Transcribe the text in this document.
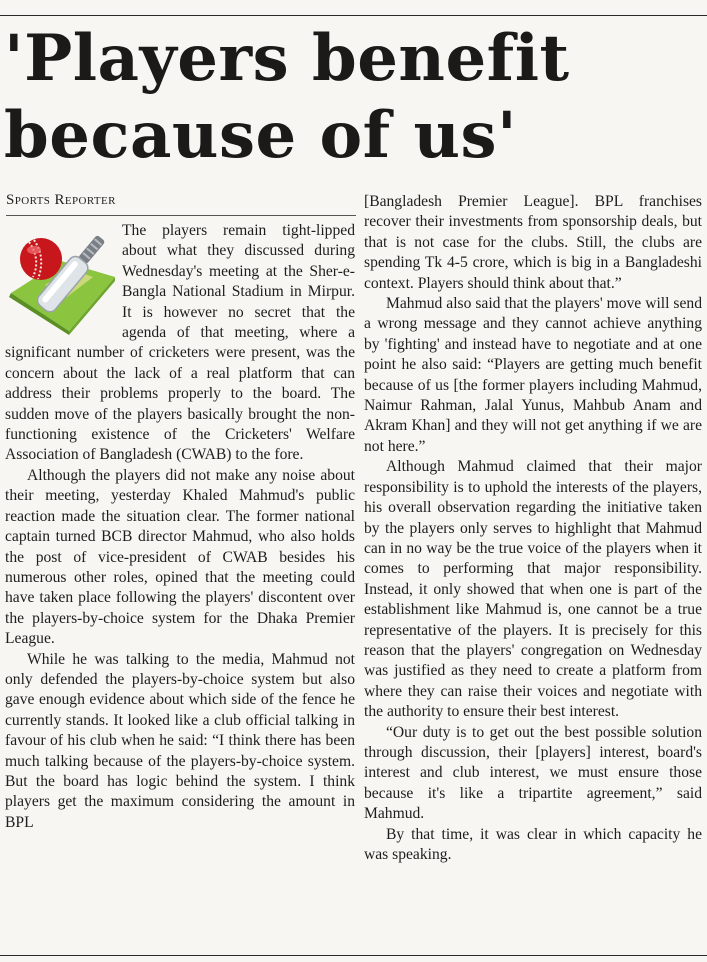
'Players benefit because of us'
Sports Reporter

The players remain tight-lipped about what they discussed during Wednesday's meeting at the Sher-e-Bangla National Stadium in Mirpur. It is however no secret that the agenda of that meeting, where a significant number of cricketers were present, was the concern about the lack of a real platform that can address their problems properly to the board. The sudden move of the players basically brought the non-functioning existence of the Cricketers' Welfare Association of Bangladesh (CWAB) to the fore.

Although the players did not make any noise about their meeting, yesterday Khaled Mahmud's public reaction made the situation clear. The former national captain turned BCB director Mahmud, who also holds the post of vice-president of CWAB besides his numerous other roles, opined that the meeting could have taken place following the players' discontent over the players-by-choice system for the Dhaka Premier League.

While he was talking to the media, Mahmud not only defended the players-by-choice system but also gave enough evidence about which side of the fence he currently stands. It looked like a club official talking in favour of his club when he said: “I think there has been much talking because of the players-by-choice system. But the board has logic behind the system. I think players get the maximum considering the amount in BPL

[Bangladesh Premier League]. BPL franchises recover their investments from sponsorship deals, but that is not case for the clubs. Still, the clubs are spending Tk 4-5 crore, which is big in a Bangladeshi context. Players should think about that.”

Mahmud also said that the players' move will send a wrong message and they cannot achieve anything by 'fighting' and instead have to negotiate and at one point he also said: “Players are getting much benefit because of us [the former players including Mahmud, Naimur Rahman, Jalal Yunus, Mahbub Anam and Akram Khan] and they will not get anything if we are not here.”

Although Mahmud claimed that their major responsibility is to uphold the interests of the players, his overall observation regarding the initiative taken by the players only serves to highlight that Mahmud can in no way be the true voice of the players when it comes to performing that major responsibility. Instead, it only showed that when one is part of the establishment like Mahmud is, one cannot be a true representative of the players. It is precisely for this reason that the players' congregation on Wednesday was justified as they need to create a platform from where they can raise their voices and negotiate with the authority to ensure their best interest.

“Our duty is to get out the best possible solution through discussion, their [players] interest, board's interest and club interest, we must ensure those because it's like a tripartite agreement,” said Mahmud.

By that time, it was clear in which capacity he was speaking.
